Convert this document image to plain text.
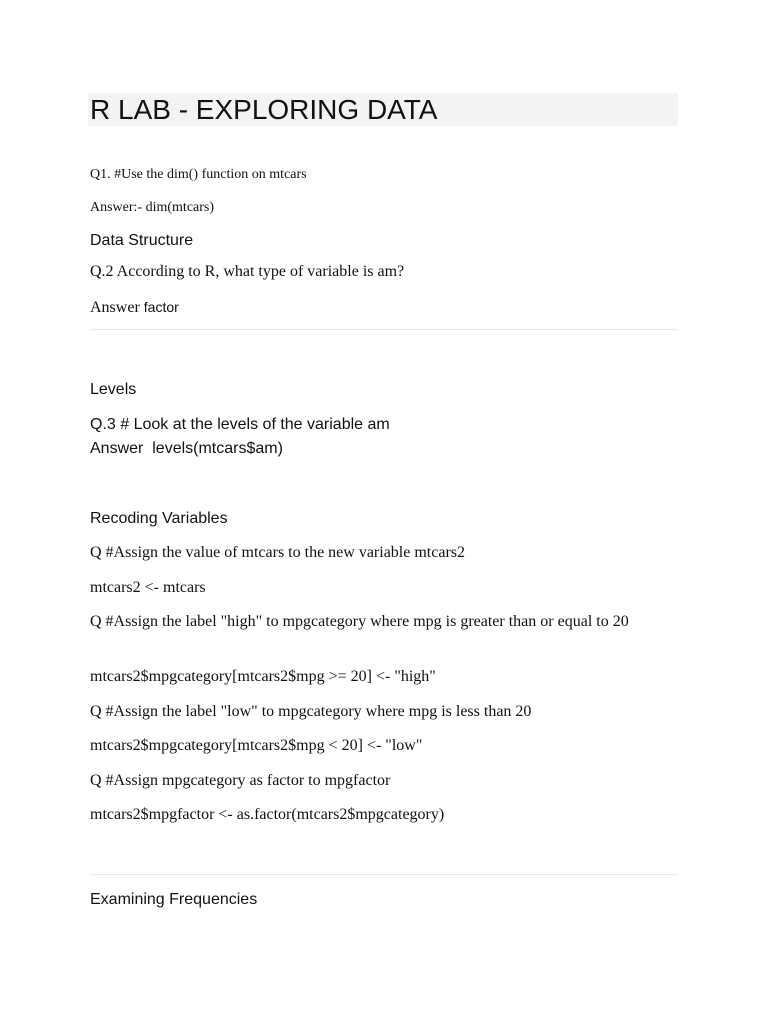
R LAB - EXPLORING DATA
Q1. #Use the dim() function on mtcars
Answer:- dim(mtcars)
Data Structure
Q.2 According to R, what type of variable is am?
Answer factor
Levels
Q.3 # Look at the levels of the variable am
Answer  levels(mtcars$am)
Recoding Variables
Q #Assign the value of mtcars to the new variable mtcars2
mtcars2 <- mtcars
Q #Assign the label "high" to mpgcategory where mpg is greater than or equal to 20
mtcars2$mpgcategory[mtcars2$mpg >= 20] <- "high"
Q #Assign the label "low" to mpgcategory where mpg is less than 20
mtcars2$mpgcategory[mtcars2$mpg < 20] <- "low"
Q #Assign mpgcategory as factor to mpgfactor
mtcars2$mpgfactor <- as.factor(mtcars2$mpgcategory)
Examining Frequencies
